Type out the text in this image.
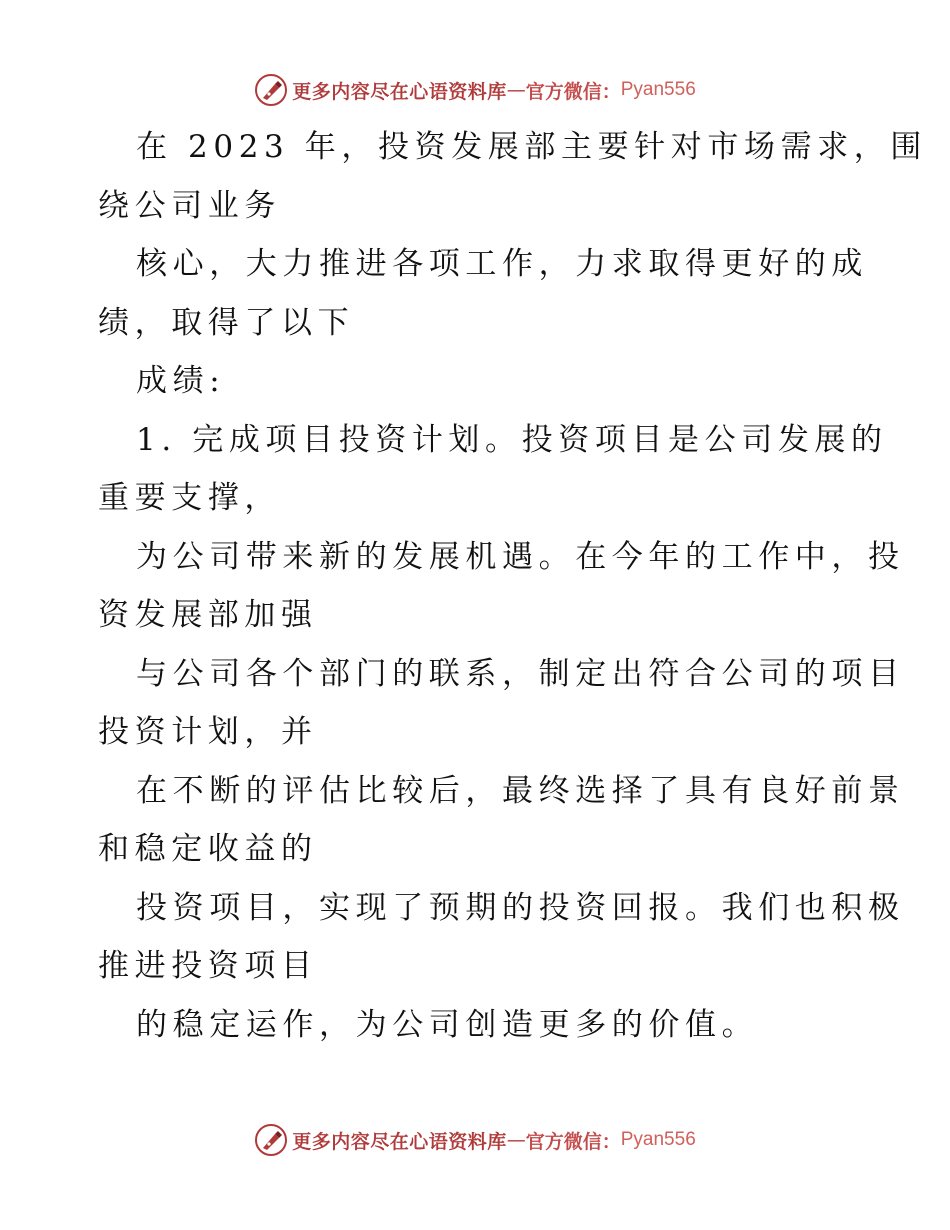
更多内容尽在心语资料库 — 官方微信： Pyan556
在 2023 年，投资发展部主要针对市场需求，围
绕公司业务
核心，大力推进各项工作，力求取得更好的成
绩，取得了以下
成绩:
1. 完成项目投资计划。投资项目是公司发展的
重要支撑，
为公司带来新的发展机遇。在今年的工作中，投
资发展部加强
与公司各个部门的联系，制定出符合公司的项目
投资计划，并
在不断的评估比较后，最终选择了具有良好前景
和稳定收益的
投资项目，实现了预期的投资回报。我们也积极
推进投资项目
的稳定运作，为公司创造更多的价值。
更多内容尽在心语资料库 — 官方微信： Pyan556
